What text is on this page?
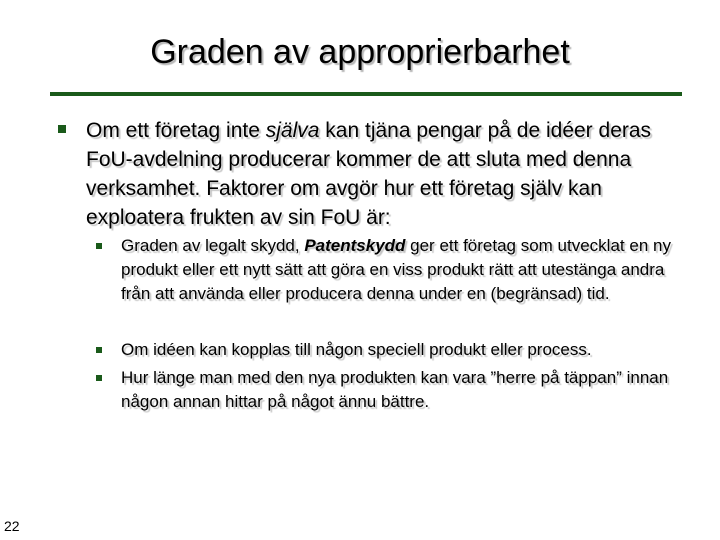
Graden av approprierbarhet
Om ett företag inte själva kan tjäna pengar på de idéer deras FoU-avdelning producerar kommer de att sluta med denna verksamhet. Faktorer om avgör hur ett företag själv kan exploatera frukten av sin FoU är:
Graden av legalt skydd, Patentskydd ger ett företag som utvecklat en ny produkt eller ett nytt sätt att göra en viss produkt rätt att utestänga andra från att använda eller producera denna under en (begränsad) tid.
Om idéen kan kopplas till någon speciell produkt eller process.
Hur länge man med den nya produkten kan vara ”herre på täppan” innan någon annan hittar på något ännu bättre.
22
